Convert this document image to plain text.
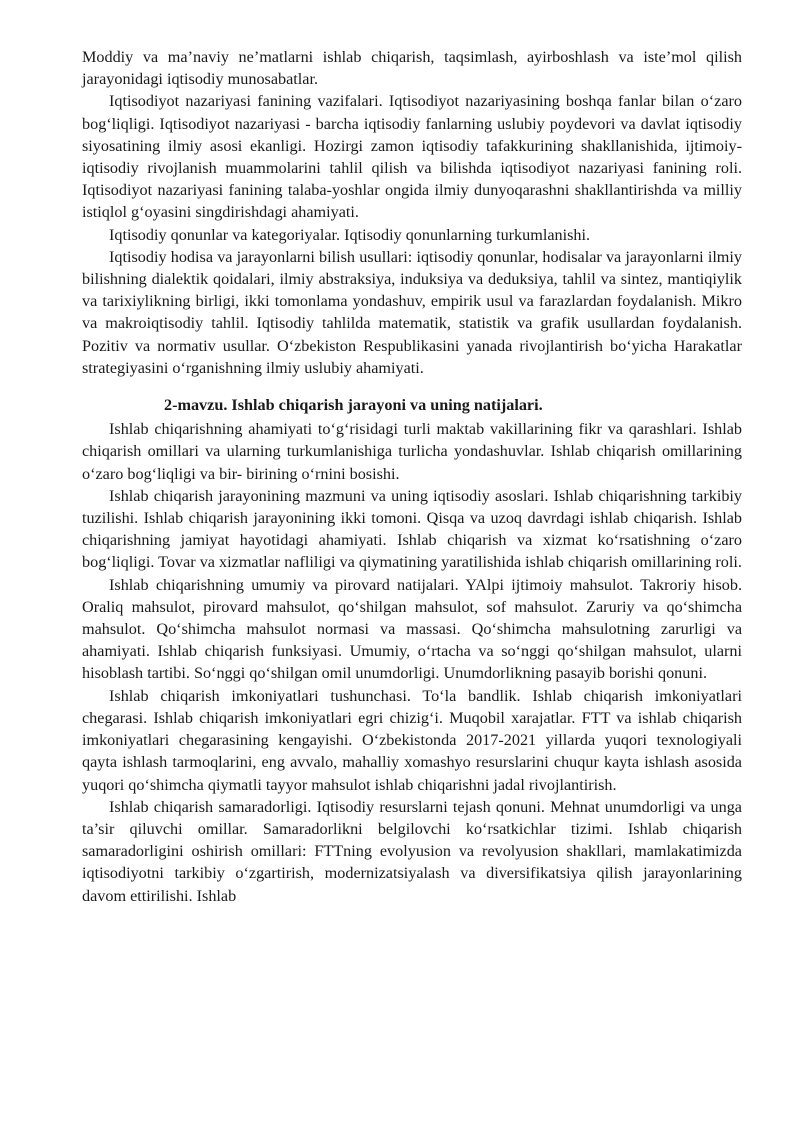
Moddiy va ma’naviy ne’matlarni ishlab chiqarish, taqsimlash, ayirboshlash va iste’mol qilish jarayonidagi iqtisodiy munosabatlar.

Iqtisodiyot nazariyasi fanining vazifalari. Iqtisodiyot nazariyasining boshqa fanlar bilan o‘zaro bog‘liqligi. Iqtisodiyot nazariyasi - barcha iqtisodiy fanlarning uslubiy poydevori va davlat iqtisodiy siyosatining ilmiy asosi ekanligi. Hozirgi zamon iqtisodiy tafakkurining shakllanishida, ijtimoiy- iqtisodiy rivojlanish muammolarini tahlil qilish va bilishda iqtisodiyot nazariyasi fanining roli. Iqtisodiyot nazariyasi fanining talaba-yoshlar ongida ilmiy dunyoqarashni shakllantirishda va milliy istiqlol g‘oyasini singdirishdagi ahamiyati.

Iqtisodiy qonunlar va kategoriyalar. Iqtisodiy qonunlarning turkumlanishi.

Iqtisodiy hodisa va jarayonlarni bilish usullari: iqtisodiy qonunlar, hodisalar va jarayonlarni ilmiy bilishning dialektik qoidalari, ilmiy abstraksiya, induksiya va deduksiya, tahlil va sintez, mantiqiylik va tarixiylikning birligi, ikki tomonlama yondashuv, empirik usul va farazlardan foydalanish. Mikro va makroiqtisodiy tahlil. Iqtisodiy tahlilda matematik, statistik va grafik usullardan foydalanish. Pozitiv va normativ usullar. O‘zbekiston Respublikasini yanada rivojlantirish bo‘yicha Harakatlar strategiyasini o‘rganishning ilmiy uslubiy ahamiyati.

2-mavzu. Ishlab chiqarish jarayoni va uning natijalari.

Ishlab chiqarishning ahamiyati to‘g‘risidagi turli maktab vakillarining fikr va qarashlari. Ishlab chiqarish omillari va ularning turkumlanishiga turlicha yondashuvlar. Ishlab chiqarish omillarining o‘zaro bog‘liqligi va bir- birining o‘rnini bosishi.

Ishlab chiqarish jarayonining mazmuni va uning iqtisodiy asoslari. Ishlab chiqarishning tarkibiy tuzilishi. Ishlab chiqarish jarayonining ikki tomoni. Qisqa va uzoq davrdagi ishlab chiqarish. Ishlab chiqarishning jamiyat hayotidagi ahamiyati. Ishlab chiqarish va xizmat ko‘rsatishning o‘zaro bog‘liqligi. Tovar va xizmatlar nafliligi va qiymatining yaratilishida ishlab chiqarish omillarining roli.

Ishlab chiqarishning umumiy va pirovard natijalari. YAlpi ijtimoiy mahsulot. Takroriy hisob. Oraliq mahsulot, pirovard mahsulot, qo‘shilgan mahsulot, sof mahsulot. Zaruriy va qo‘shimcha mahsulot. Qo‘shimcha mahsulot normasi va massasi. Qo‘shimcha mahsulotning zarurligi va ahamiyati. Ishlab chiqarish funksiyasi. Umumiy, o‘rtacha va so‘nggi qo‘shilgan mahsulot, ularni hisoblash tartibi. So‘nggi qo‘shilgan omil unumdorligi. Unumdorlikning pasayib borishi qonuni.

Ishlab chiqarish imkoniyatlari tushunchasi. To‘la bandlik. Ishlab chiqarish imkoniyatlari chegarasi. Ishlab chiqarish imkoniyatlari egri chizig‘i. Muqobil xarajatlar. FTT va ishlab chiqarish imkoniyatlari chegarasining kengayishi. O‘zbekistonda 2017-2021 yillarda yuqori texnologiyali qayta ishlash tarmoqlarini, eng avvalo, mahalliy xomashyo resurslarini chuqur kayta ishlash asosida yuqori qo‘shimcha qiymatli tayyor mahsulot ishlab chiqarishni jadal rivojlantirish.

Ishlab chiqarish samaradorligi. Iqtisodiy resurslarni tejash qonuni. Mehnat unumdorligi va unga ta’sir qiluvchi omillar. Samaradorlikni belgilovchi ko‘rsatkichlar tizimi. Ishlab chiqarish samaradorligini oshirish omillari: FTTning evolyusion va revolyusion shakllari, mamlakatimizda iqtisodiyotni tarkibiy o‘zgartirish, modernizatsiyalash va diversifikatsiya qilish jarayonlarining davom ettirilishi. Ishlab
